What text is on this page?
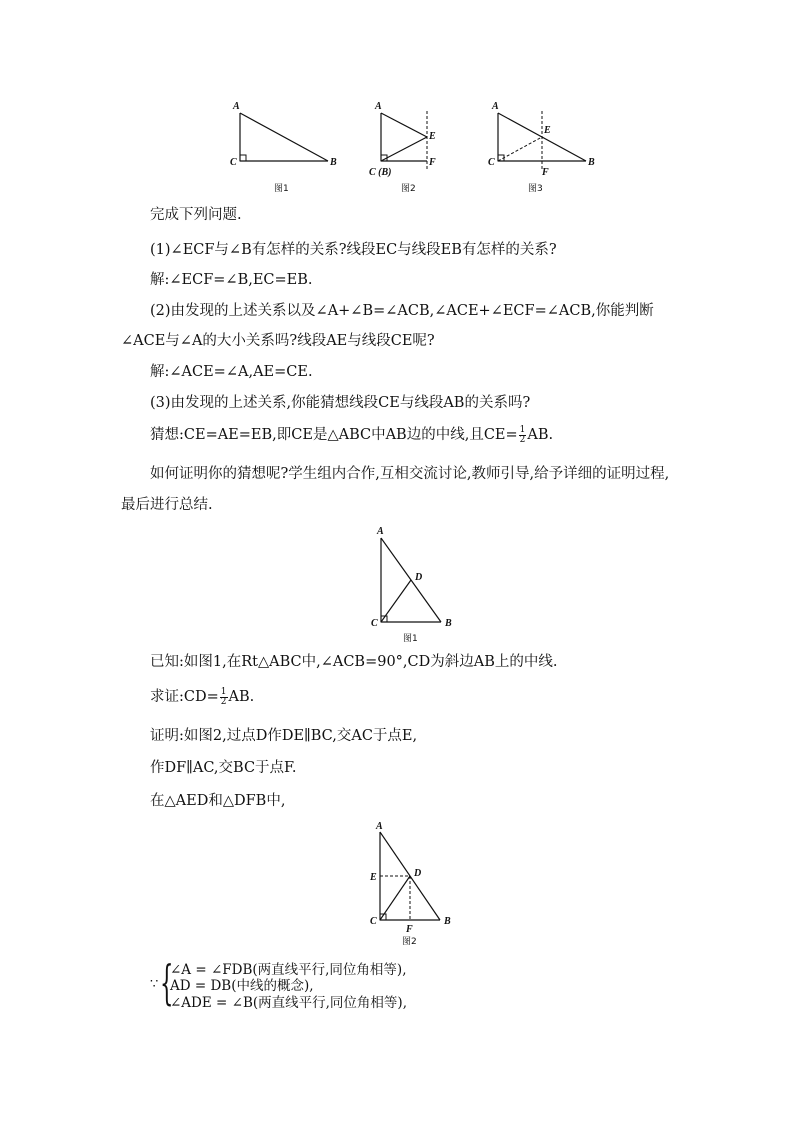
A
C	B
图1
A
E
C (B)
F
图2
A
E
C
F
B
图3
完成下列问题.
(1)∠ECF与∠B有怎样的关系?线段EC与线段EB有怎样的关系?
解:∠ECF=∠B,EC=EB.
(2)由发现的上述关系以及∠A+∠B=∠ACB,∠ACE+∠ECF=∠ACB,你能判断
∠ACE与∠A的大小关系吗?线段AE与线段CE呢?
解:∠ACE=∠A,AE=CE.
(3)由发现的上述关系,你能猜想线段CE与线段AB的关系吗?
猜想:CE=AE=EB,即CE是△ABC中AB边的中线,且$CE= \frac{1}{2}$ AB.
如何证明你的猜想呢?学生组内合作,互相交流讨论,教师引导,给予详细的证明过程,最后进行总结.
A
D
C	B
图1
已知:如图1,在Rt△ABC中,∠ACB=90°,CD为斜边AB上的中线.
求证:CD= $\frac{1}{2}$ AB.
证明:如图2,过点D作DE∥BC,交AC于点E,
作DF∥AC,交BC于点F.
在△AED和△DFB中,
A
E	D
C
F
B
图2
∵ {
∠A = ∠FDB(两直线平行,同位角相等),
AD = DB(中线的概念),
∠ADE = ∠B(两直线平行,同位角相等),
